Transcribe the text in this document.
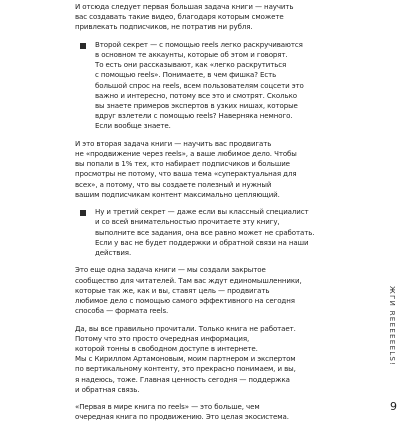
И отсюда следует первая большая задача книги — научить

вас создавать такие видео, благодаря которым сможете

привлекать подписчиков, не потратив ни рубля.

Второй секрет — с помощью reels легко раскручиваются

в основном те аккаунты, которые об этом и говорят.

То есть они рассказывают, как «легко раскрутиться

с помощью reels». Понимаете, в чем фишка? Есть

большой спрос на reels, всем пользователям соцсети это

важно и интересно, потому все это и смотрят. Сколько

вы знаете примеров экспертов в узких нишах, которые

вдруг взлетели с помощью reels? Наверняка немного.

Если вообще знаете.

И это вторая задача книги — научить вас продвигать

не «продвижение через reels», а ваше любимое дело. Чтобы

вы попали в 1% тех, кто набирает подписчиков и большие

просмотры не потому, что ваша тема «суперактуальная для

всех», а потому, что вы создаете полезный и нужный

вашим подписчикам контент максимально цепляющий.

Ну и третий секрет — даже если вы классный специалист

и со всей внимательностью прочитаете эту книгу,

выполните все задания, она все равно может не сработать.

Если у вас не будет поддержки и обратной связи на наши

действия.

Это еще одна задача книги — мы создали закрытое

сообщество для читателей. Там вас ждут единомышленники,

которые так же, как и вы, ставят цель — продвигать

любимое дело с помощью самого эффективного на сегодня

способа — формата reels.

Да, вы все правильно прочитали. Только книга не работает.

Потому что это просто очередная информация,

которой тонны в свободном доступе в интернете.

Мы с Кириллом Артамоновым, моим партнером и экспертом

по вертикальному контенту, это прекрасно понимаем, и вы,

я надеюсь, тоже. Главная ценность сегодня — поддержка

и обратная связь.

«Первая в мире книга по reels» — это больше, чем

очередная книга по продвижению. Это целая экосистема.

ЖГИ REEEEEELS!
9
